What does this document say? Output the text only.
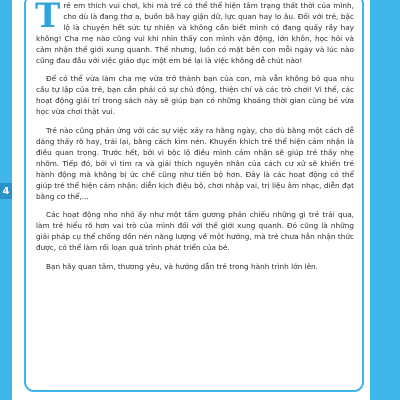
4

Trẻ em thích vui chơi, khi mà trẻ có thể thể hiện tâm trạng thất thời của mình, cho dù là đang thơ a, buồn bã hay giận dữ, lực quan hay lo âu. Đối với trẻ, bậc lộ là chuyện hết sức tự nhiên và không cần biết mình có đang quấy rầy hay không! Cha mẹ nào cũng vui khi nhìn thấy con mình vận động, lớn khôn, học hỏi và cảm nhận thế giới xung quanh. Thế nhưng, luôn có mặt bên con mỗi ngày và lúc nào cũng đau đầu với việc giáo dục một em bé lại là việc không dễ chút nào!

Để có thể vừa làm cha mẹ vừa trở thành bạn của con, mà vẫn không bỏ qua nhu cầu tự lập của trẻ, bạn cần phải có sự chủ động, thiện chí và các trò chơi! Vì thế, các hoạt động giải trí trong sách này sẽ giúp bạn có những khoảng thời gian cùng bé vừa học vừa chơi thật vui.

Trẻ nào cũng phản ứng với các sự việc xảy ra hằng ngày, cho dù bằng một cách dễ dàng thấy rõ hay, trái lại, bằng cách kìm nén. Khuyến khích trẻ thể hiện cảm nhận là điều quan trọng. Trước hết, bởi vì bộc lộ điều mình cảm nhận sẽ giúp trẻ thấy nhẹ nhõm. Tiếp đó, bởi vì tìm ra và giải thích nguyên nhân của cách cư xử sẽ khiến trẻ hành động mà không bị ức chế cũng như tiến bộ hơn. Đây là các hoạt động có thể giúp trẻ thể hiện cảm nhận: diễn kịch điệu bộ, chơi nhập vai, trị liệu âm nhạc, diễn đạt bằng cơ thể,...

Các hoạt động nho nhỏ ấy như một tấm gương phản chiếu những gì trẻ trải qua, làm trẻ hiểu rõ hơn vai trò của mình đối với thế giới xung quanh. Đó cũng là những giải pháp cụ thể chống dồn nén năng lượng về một hướng, mà trẻ chưa hẳn nhận thức được, có thể làm rối loạn quá trình phát triển của bé.

Bạn hãy quan tâm, thương yêu, và hướng dẫn trẻ trong hành trình lớn lên.
